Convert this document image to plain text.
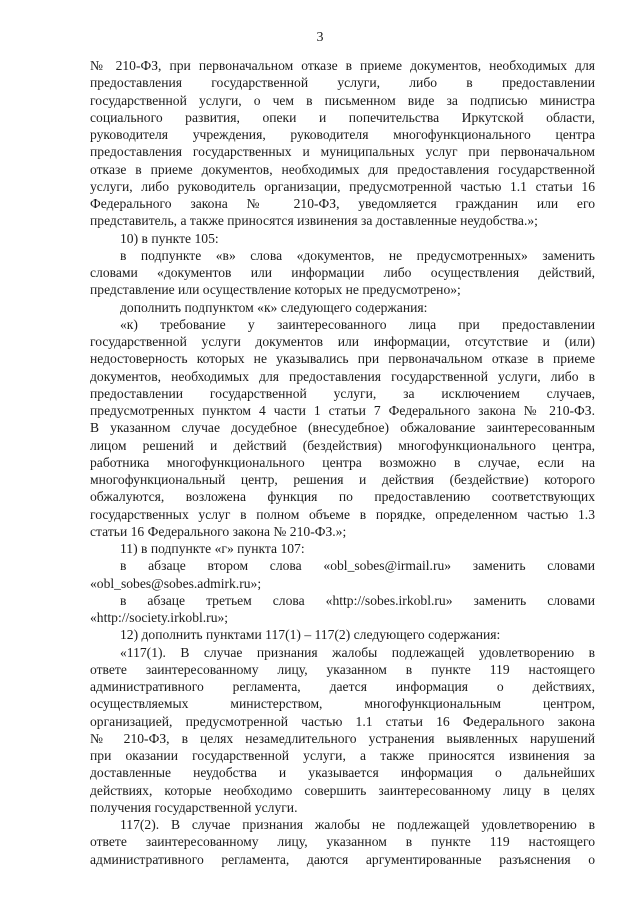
3

№ 210-ФЗ, при первоначальном отказе в приеме документов, необходимых для

предоставления государственной услуги, либо в предоставлении

государственной услуги, о чем в письменном виде за подписью министра

социального развития, опеки и попечительства Иркутской области,

руководителя учреждения, руководителя многофункционального центра

предоставления государственных и муниципальных услуг при первоначальном

отказе в приеме документов, необходимых для предоставления государственной

услуги, либо руководитель организации, предусмотренной частью 1.1 статьи 16

Федерального закона № 210-ФЗ, уведомляется гражданин или его

представитель, а также приносятся извинения за доставленные неудобства.»;

10) в пункте 105:

в подпункте «в» слова «документов, не предусмотренных» заменить

словами «документов или информации либо осуществления действий,

представление или осуществление которых не предусмотрено»;

дополнить подпунктом «к» следующего содержания:

«к) требование у заинтересованного лица при предоставлении

государственной услуги документов или информации, отсутствие и (или)

недостоверность которых не указывались при первоначальном отказе в приеме

документов, необходимых для предоставления государственной услуги, либо в

предоставлении государственной услуги, за исключением случаев,

предусмотренных пунктом 4 части 1 статьи 7 Федерального закона № 210-ФЗ.

В указанном случае досудебное (внесудебное) обжалование заинтересованным

лицом решений и действий (бездействия) многофункционального центра,

работника многофункционального центра возможно в случае, если на

многофункциональный центр, решения и действия (бездействие) которого

обжалуются, возложена функция по предоставлению соответствующих

государственных услуг в полном объеме в порядке, определенном частью 1.3

статьи 16 Федерального закона № 210-ФЗ.»;

11) в подпункте «г» пункта 107:

в абзаце втором слова «obl_sobes@irmail.ru» заменить словами

«obl_sobes@sobes.admirk.ru»;

в абзаце третьем слова «http://sobes.irkobl.ru» заменить словами

«http://society.irkobl.ru»;

12) дополнить пунктами 117(1) – 117(2) следующего содержания:

«117(1). В случае признания жалобы подлежащей удовлетворению в

ответе заинтересованному лицу, указанном в пункте 119 настоящего

административного регламента, дается информация о действиях,

осуществляемых министерством, многофункциональным центром,

организацией, предусмотренной частью 1.1 статьи 16 Федерального закона

№ 210-ФЗ, в целях незамедлительного устранения выявленных нарушений

при оказании государственной услуги, а также приносятся извинения за

доставленные неудобства и указывается информация о дальнейших

действиях, которые необходимо совершить заинтересованному лицу в целях

получения государственной услуги.

117(2). В случае признания жалобы не подлежащей удовлетворению в

ответе заинтересованному лицу, указанном в пункте 119 настоящего

административного регламента, даются аргументированные разъяснения о
